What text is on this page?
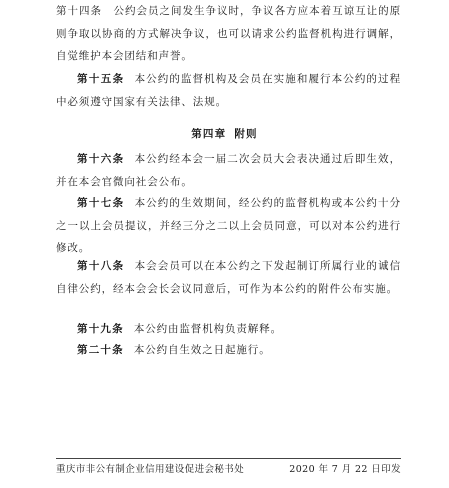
第十四条　公约会员之间发生争议时，争议各方应本着互谅互让的原则争取以协商的方式解决争议，也可以请求公约监督机构进行调解，自觉维护本会团结和声誉。

第十五条 本公约的监督机构及会员在实施和履行本公约的过程中必须遵守国家有关法律、法规。

第四章 附则

第十六条 本公约经本会一届二次会员大会表决通过后即生效，并在本会官微向社会公布。

第十七条 本公约的生效期间，经公约的监督机构或本公约十分之一以上会员提议，并经三分之二以上会员同意，可以对本公约进行修改。

第十八条 本会会员可以在本公约之下发起制订所属行业的诚信自律公约，经本会会长会议同意后，可作为本公约的附件公布实施。

第十九条 本公约由监督机构负责解释。

第二十条 本公约自生效之日起施行。

重庆市非公有制企业信用建设促进会秘书处	2020 年 7 月 22 日印发
